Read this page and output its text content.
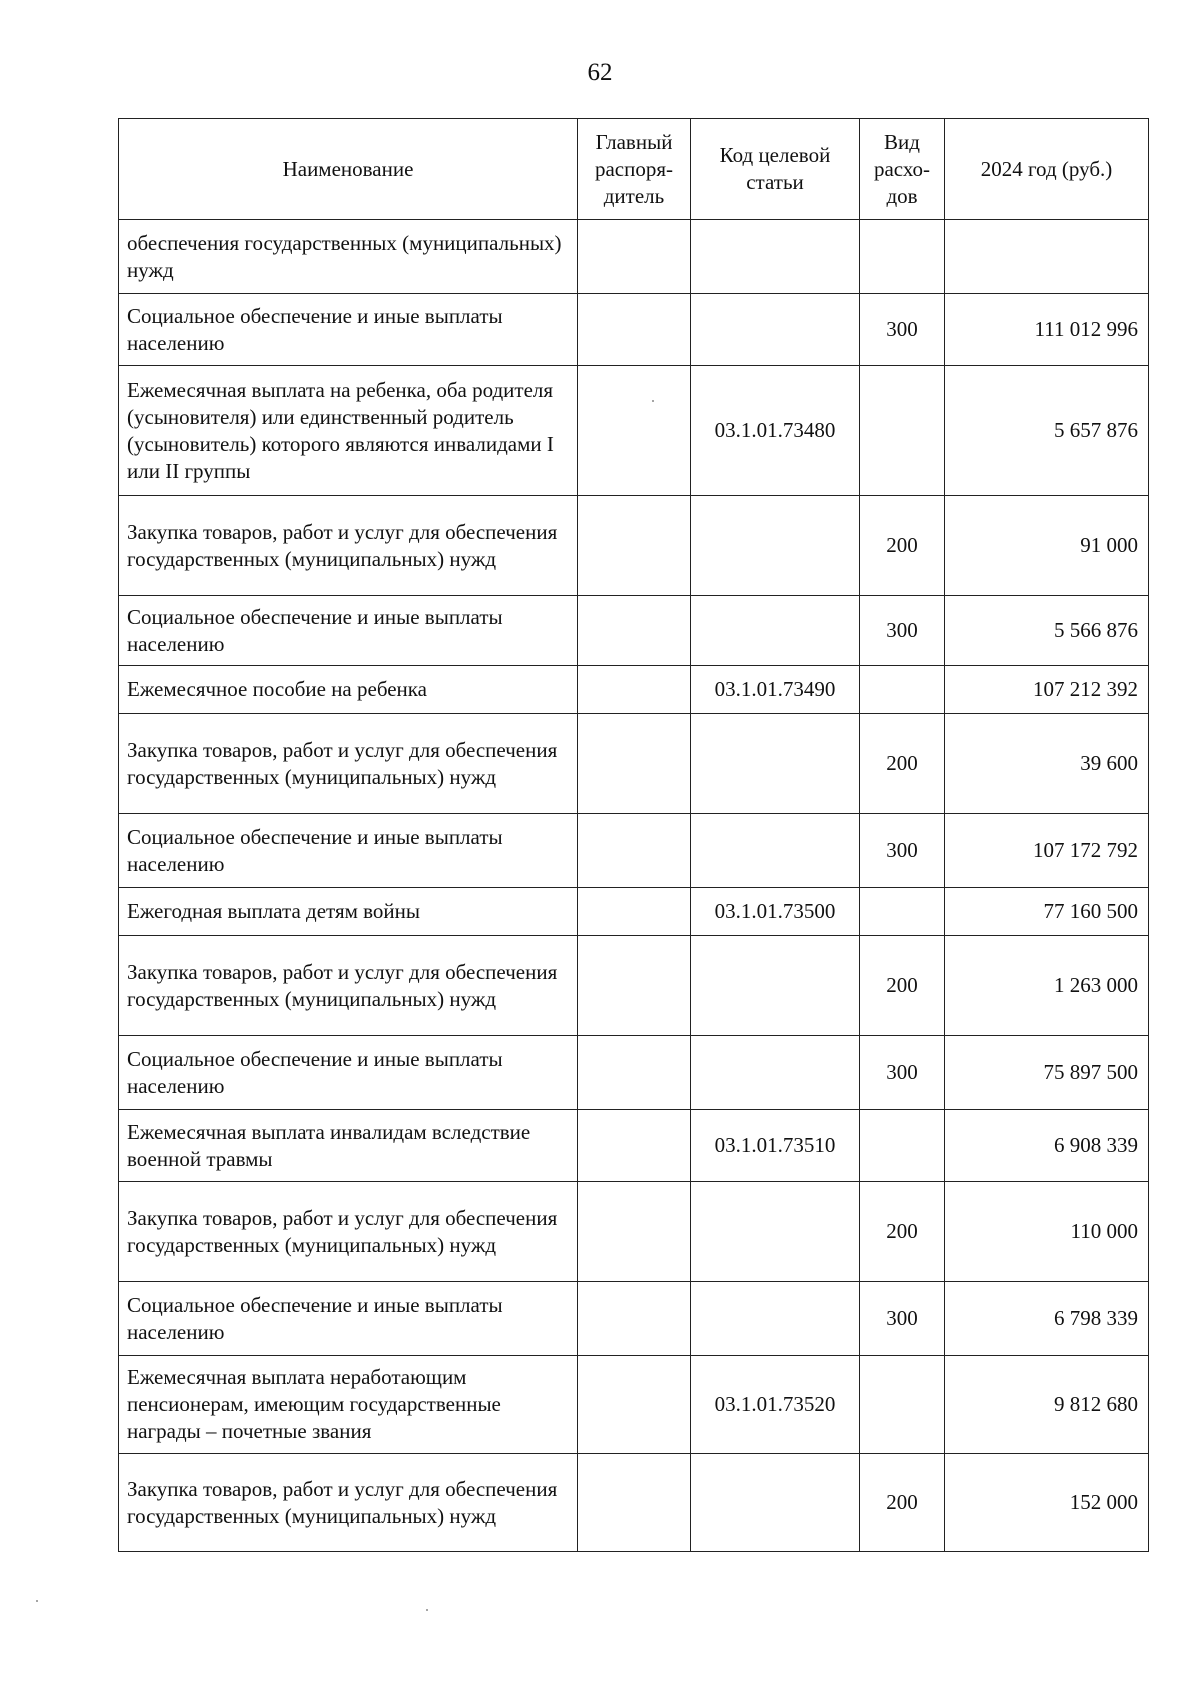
62
Наименование	Главный распоря-дитель	Код целевой статьи	Вид расхо-дов	2024 год (руб.)
обеспечения государственных (муниципальных) нужд				
Социальное обеспечение и иные выплаты населению			300	111 012 996
Ежемесячная выплата на ребенка, оба родителя (усыновителя) или единственный родитель (усыновитель) которого являются инвалидами I или II группы		03.1.01.73480		5 657 876
Закупка товаров, работ и услуг для обеспечения государственных (муниципальных) нужд			200	91 000
Социальное обеспечение и иные выплаты населению			300	5 566 876
Ежемесячное пособие на ребенка		03.1.01.73490		107 212 392
Закупка товаров, работ и услуг для обеспечения государственных (муниципальных) нужд			200	39 600
Социальное обеспечение и иные выплаты населению			300	107 172 792
Ежегодная выплата детям войны		03.1.01.73500		77 160 500
Закупка товаров, работ и услуг для обеспечения государственных (муниципальных) нужд			200	1 263 000
Социальное обеспечение и иные выплаты населению			300	75 897 500
Ежемесячная выплата инвалидам вследствие военной травмы		03.1.01.73510		6 908 339
Закупка товаров, работ и услуг для обеспечения государственных (муниципальных) нужд			200	110 000
Социальное обеспечение и иные выплаты населению			300	6 798 339
Ежемесячная выплата неработающим пенсионерам, имеющим государственные награды – почетные звания		03.1.01.73520		9 812 680
Закупка товаров, работ и услуг для обеспечения государственных (муниципальных) нужд			200	152 000
